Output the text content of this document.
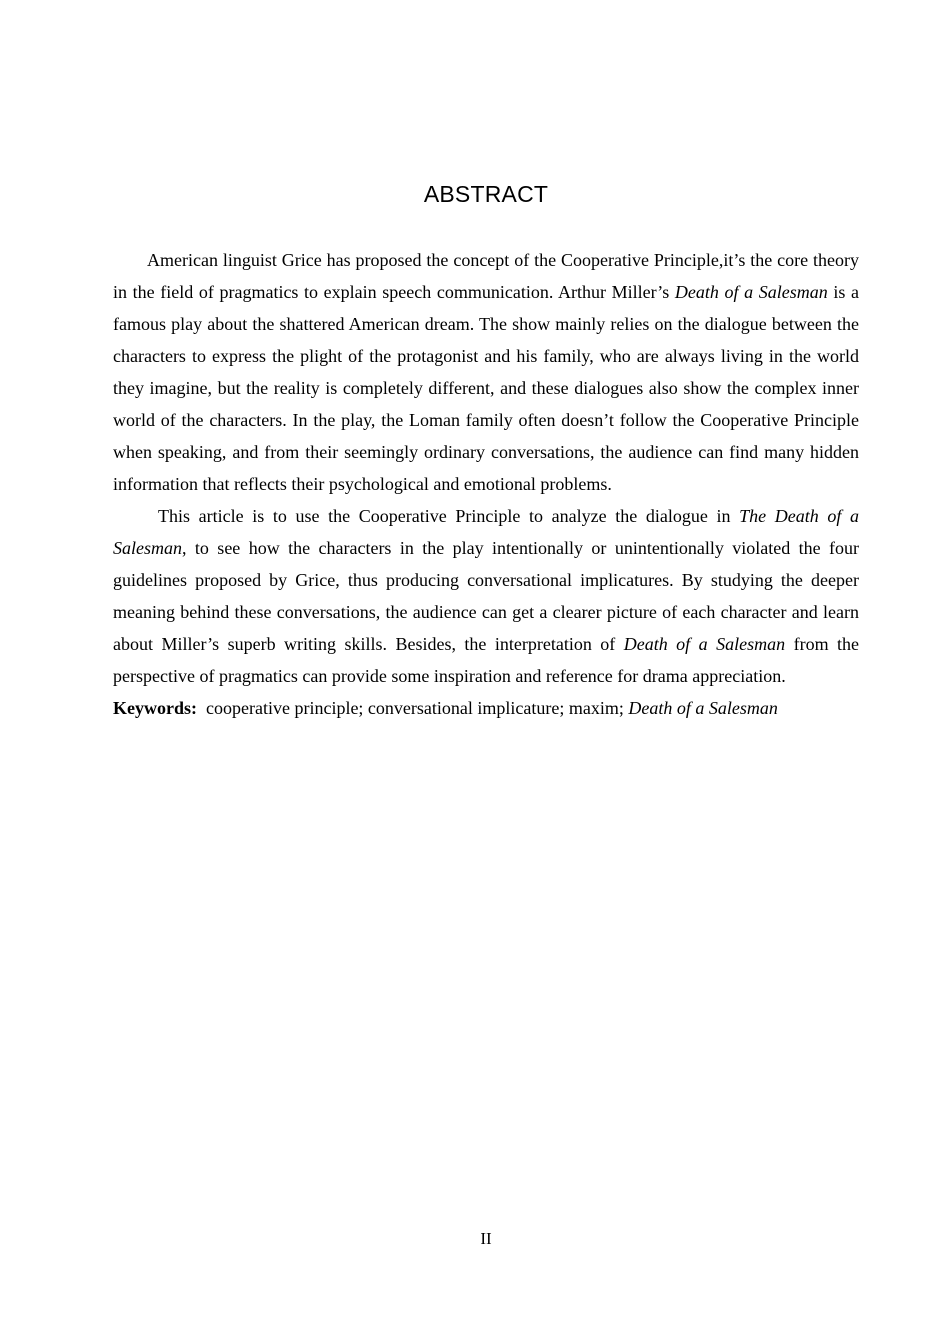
ABSTRACT

American linguist Grice has proposed the concept of the Cooperative Principle,it’s the core theory in the field of pragmatics to explain speech communication. Arthur Miller’s Death of a Salesman is a famous play about the shattered American dream. The show mainly relies on the dialogue between the characters to express the plight of the protagonist and his family, who are always living in the world they imagine, but the reality is completely different, and these dialogues also show the complex inner world of the characters. In the play, the Loman family often doesn’t follow the Cooperative Principle when speaking, and from their seemingly ordinary conversations, the audience can find many hidden information that reflects their psychological and emotional problems.

This article is to use the Cooperative Principle to analyze the dialogue in The Death of a Salesman, to see how the characters in the play intentionally or unintentionally violated the four guidelines proposed by Grice, thus producing conversational implicatures. By studying the deeper meaning behind these conversations, the audience can get a clearer picture of each character and learn about Miller’s superb writing skills. Besides, the interpretation of Death of a Salesman from the perspective of pragmatics can provide some inspiration and reference for drama appreciation.

Keywords: cooperative principle; conversational implicature; maxim; Death of a Salesman

II
